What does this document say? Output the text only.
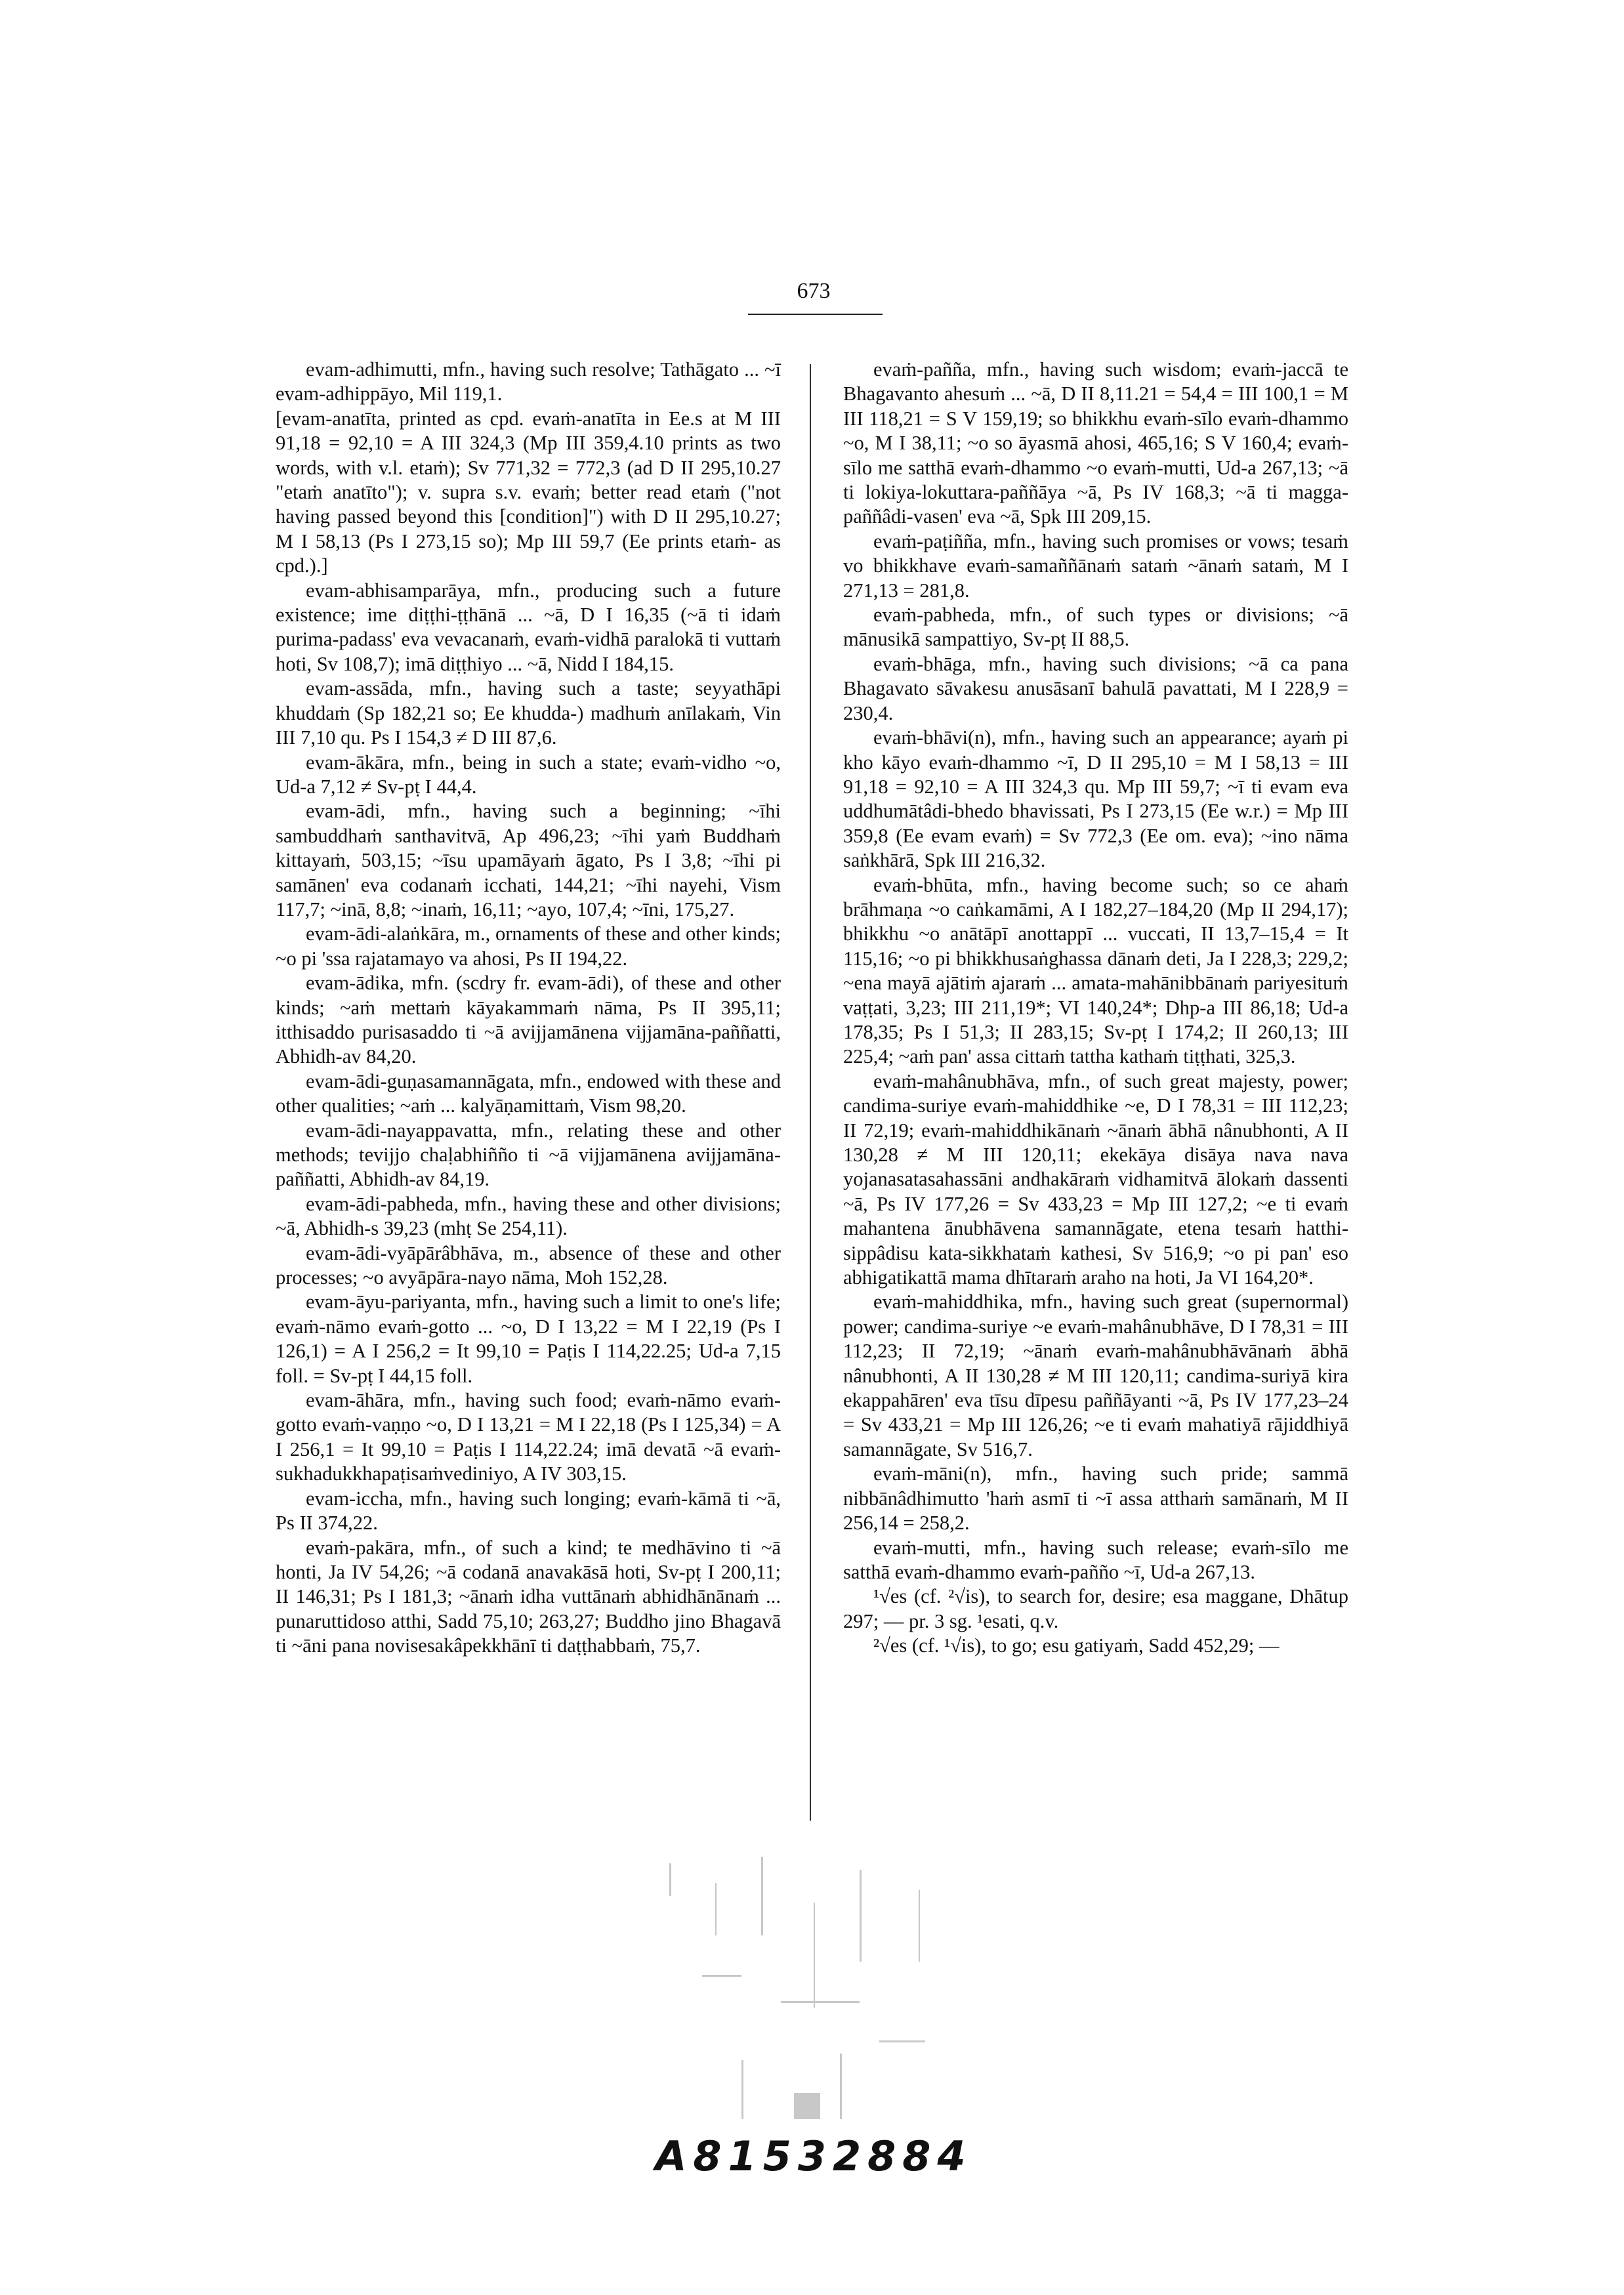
673

evam-adhimutti, mfn., having such resolve; Tathāgato ... ~ī evam-adhippāyo, Mil 119,1.

[evam-anatīta, printed as cpd. evaṁ-anatīta in Ee.s at M III 91,18 = 92,10 = A III 324,3 (Mp III 359,4.10 prints as two words, with v.l. etaṁ); Sv 771,32 = 772,3 (ad D II 295,10.27 "etaṁ anatīto"); v. supra s.v. evaṁ; better read etaṁ ("not having passed beyond this [condition]") with D II 295,10.27; M I 58,13 (Ps I 273,15 so); Mp III 59,7 (Ee prints etaṁ- as cpd.).]

evam-abhisamparāya, mfn., producing such a future existence; ime diṭṭhi-ṭṭhānā ... ~ā, D I 16,35 (~ā ti idaṁ purima-padass' eva vevacanaṁ, evaṁ-vidhā paralokā ti vuttaṁ hoti, Sv 108,7); imā diṭṭhiyo ... ~ā, Nidd I 184,15.

evam-assāda, mfn., having such a taste; seyyathāpi khuddaṁ (Sp 182,21 so; Ee khudda-) madhuṁ anīlakaṁ, Vin III 7,10 qu. Ps I 154,3 ≠ D III 87,6.

evam-ākāra, mfn., being in such a state; evaṁ-vidho ~o, Ud-a 7,12 ≠ Sv-pṭ I 44,4.

evam-ādi, mfn., having such a beginning; ~īhi sambuddhaṁ santhavitvā, Ap 496,23; ~īhi yaṁ Buddhaṁ kittayaṁ, 503,15; ~īsu upamāyaṁ āgato, Ps I 3,8; ~īhi pi samānen' eva codanaṁ icchati, 144,21; ~īhi nayehi, Vism 117,7; ~inā, 8,8; ~inaṁ, 16,11; ~ayo, 107,4; ~īni, 175,27.

evam-ādi-alaṅkāra, m., ornaments of these and other kinds; ~o pi 'ssa rajatamayo va ahosi, Ps II 194,22.

evam-ādika, mfn. (scdry fr. evam-ādi), of these and other kinds; ~aṁ mettaṁ kāyakammaṁ nāma, Ps II 395,11; itthisaddo purisasaddo ti ~ā avijjamānena vijjamāna-paññatti, Abhidh-av 84,20.

evam-ādi-guṇasamannāgata, mfn., endowed with these and other qualities; ~aṁ ... kalyāṇamittaṁ, Vism 98,20.

evam-ādi-nayappavatta, mfn., relating these and other methods; tevijjo chaḷabhiñño ti ~ā vijjamānena avijjamāna-paññatti, Abhidh-av 84,19.

evam-ādi-pabheda, mfn., having these and other divisions; ~ā, Abhidh-s 39,23 (mhṭ Se 254,11).

evam-ādi-vyāpārâbhāva, m., absence of these and other processes; ~o avyāpāra-nayo nāma, Moh 152,28.

evam-āyu-pariyanta, mfn., having such a limit to one's life; evaṁ-nāmo evaṁ-gotto ... ~o, D I 13,22 = M I 22,19 (Ps I 126,1) = A I 256,2 = It 99,10 = Paṭis I 114,22.25; Ud-a 7,15 foll. = Sv-pṭ I 44,15 foll.

evam-āhāra, mfn., having such food; evaṁ-nāmo evaṁ-gotto evaṁ-vaṇṇo ~o, D I 13,21 = M I 22,18 (Ps I 125,34) = A I 256,1 = It 99,10 = Paṭis I 114,22.24; imā devatā ~ā evaṁ-sukhadukkhapaṭisaṁvediniyo, A IV 303,15.

evam-iccha, mfn., having such longing; evaṁ-kāmā ti ~ā, Ps II 374,22.

evaṁ-pakāra, mfn., of such a kind; te medhāvino ti ~ā honti, Ja IV 54,26; ~ā codanā anavakāsā hoti, Sv-pṭ I 200,11; II 146,31; Ps I 181,3; ~ānaṁ idha vuttānaṁ abhidhānānaṁ ... punaruttidoso atthi, Sadd 75,10; 263,27; Buddho jino Bhagavā ti ~āni pana novisesakâpekkhānī ti daṭṭhabbaṁ, 75,7.

evaṁ-pañña, mfn., having such wisdom; evaṁ-jaccā te Bhagavanto ahesuṁ ... ~ā, D II 8,11.21 = 54,4 = III 100,1 = M III 118,21 = S V 159,19; so bhikkhu evaṁ-sīlo evaṁ-dhammo ~o, M I 38,11; ~o so āyasmā ahosi, 465,16; S V 160,4; evaṁ-sīlo me satthā evaṁ-dhammo ~o evaṁ-mutti, Ud-a 267,13; ~ā ti lokiya-lokuttara-paññāya ~ā, Ps IV 168,3; ~ā ti magga-paññâdi-vasen' eva ~ā, Spk III 209,15.

evaṁ-paṭiñña, mfn., having such promises or vows; tesaṁ vo bhikkhave evaṁ-samaññānaṁ sataṁ ~ānaṁ sataṁ, M I 271,13 = 281,8.

evaṁ-pabheda, mfn., of such types or divisions; ~ā mānusikā sampattiyo, Sv-pṭ II 88,5.

evaṁ-bhāga, mfn., having such divisions; ~ā ca pana Bhagavato sāvakesu anusāsanī bahulā pavattati, M I 228,9 = 230,4.

evaṁ-bhāvi(n), mfn., having such an appearance; ayaṁ pi kho kāyo evaṁ-dhammo ~ī, D II 295,10 = M I 58,13 = III 91,18 = 92,10 = A III 324,3 qu. Mp III 59,7; ~ī ti evam eva uddhumātâdi-bhedo bhavissati, Ps I 273,15 (Ee w.r.) = Mp III 359,8 (Ee evam evaṁ) = Sv 772,3 (Ee om. eva); ~ino nāma saṅkhārā, Spk III 216,32.

evaṁ-bhūta, mfn., having become such; so ce ahaṁ brāhmaṇa ~o caṅkamāmi, A I 182,27–184,20 (Mp II 294,17); bhikkhu ~o anātāpī anottappī ... vuccati, II 13,7–15,4 = It 115,16; ~o pi bhikkhusaṅghassa dānaṁ deti, Ja I 228,3; 229,2; ~ena mayā ajātiṁ ajaraṁ ... amata-mahānibbānaṁ pariyesituṁ vaṭṭati, 3,23; III 211,19*; VI 140,24*; Dhp-a III 86,18; Ud-a 178,35; Ps I 51,3; II 283,15; Sv-pṭ I 174,2; II 260,13; III 225,4; ~aṁ pan' assa cittaṁ tattha kathaṁ tiṭṭhati, 325,3.

evaṁ-mahânubhāva, mfn., of such great majesty, power; candima-suriye evaṁ-mahiddhike ~e, D I 78,31 = III 112,23; II 72,19; evaṁ-mahiddhikānaṁ ~ānaṁ ābhā nânubhonti, A II 130,28 ≠ M III 120,11; ekekāya disāya nava nava yojanasatasahassāni andhakāraṁ vidhamitvā ālokaṁ dassenti ~ā, Ps IV 177,26 = Sv 433,23 = Mp III 127,2; ~e ti evaṁ mahantena ānubhāvena samannāgate, etena tesaṁ hatthi-sippâdisu kata-sikkhataṁ kathesi, Sv 516,9; ~o pi pan' eso abhigatikattā mama dhītaraṁ araho na hoti, Ja VI 164,20*.

evaṁ-mahiddhika, mfn., having such great (supernormal) power; candima-suriye ~e evaṁ-mahânubhāve, D I 78,31 = III 112,23; II 72,19; ~ānaṁ evaṁ-mahânubhāvānaṁ ābhā nânubhonti, A II 130,28 ≠ M III 120,11; candima-suriyā kira ekappahāren' eva tīsu dīpesu paññāyanti ~ā, Ps IV 177,23–24 = Sv 433,21 = Mp III 126,26; ~e ti evaṁ mahatiyā rājiddhiyā samannāgate, Sv 516,7.

evaṁ-māni(n), mfn., having such pride; sammā nibbānâdhimutto 'haṁ asmī ti ~ī assa atthaṁ samānaṁ, M II 256,14 = 258,2.

evaṁ-mutti, mfn., having such release; evaṁ-sīlo me satthā evaṁ-dhammo evaṁ-pañño ~ī, Ud-a 267,13.

¹√es (cf. ²√is), to search for, desire; esa maggane, Dhātup 297; — pr. 3 sg. ¹esati, q.v.

²√es (cf. ¹√is), to go; esu gatiyaṁ, Sadd 452,29; —

A81532884
